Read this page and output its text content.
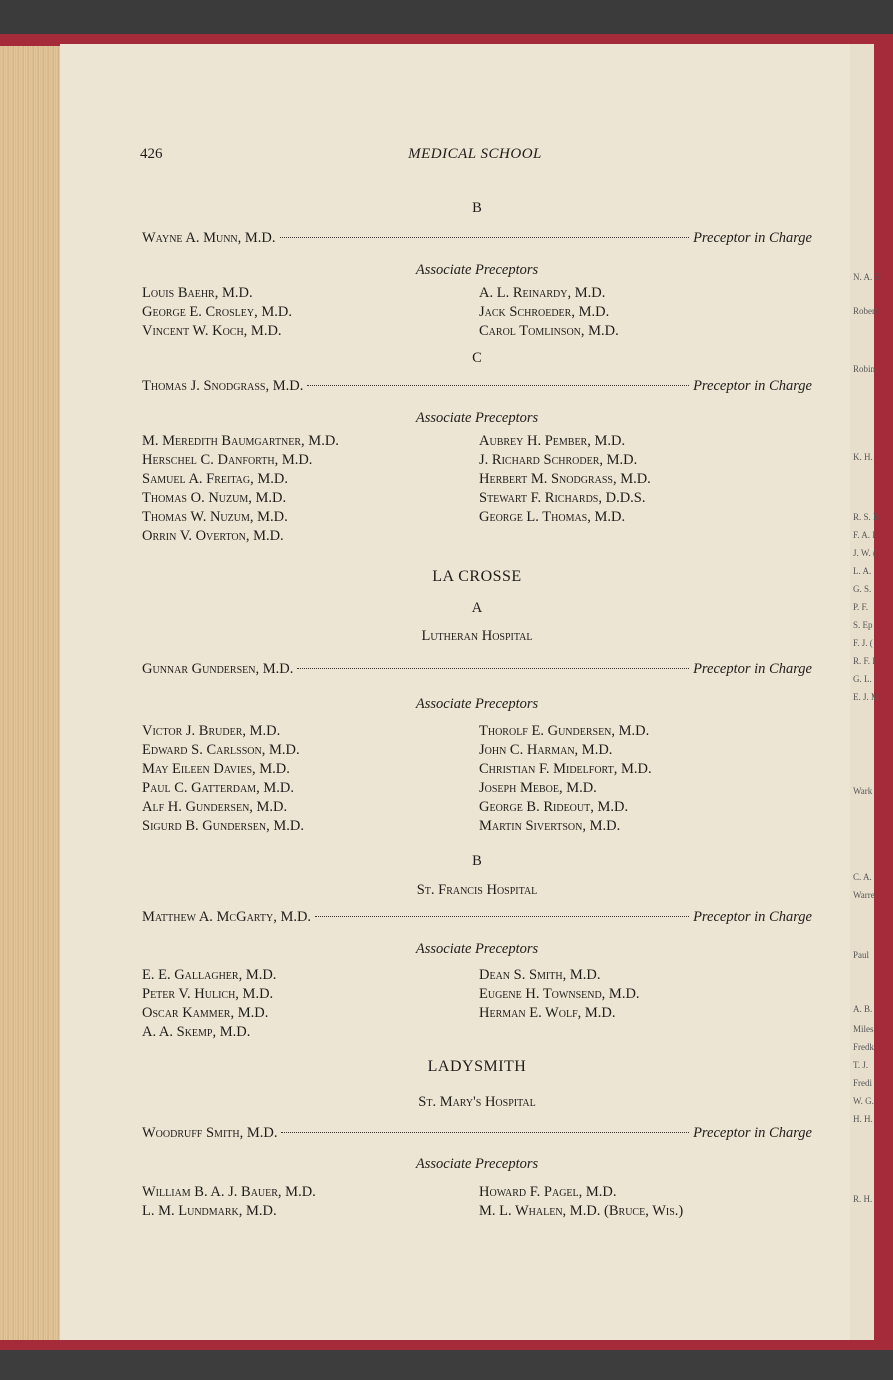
N. A. E
Robert
Robin
K. H.
R. S. B
F. A. I
J. W. (
L. A.
G. S.
P. F.
S. Ep
F. J. (
R. F. I
G. L. I
E. J. M
Wark
C. A.
Warre
Paul
A. B.
Miles
Fredk
T. J.
Fredi
W. G.
H. H.
R. H.
426	MEDICAL SCHOOL
B
Wayne A. Munn, M.D.	Preceptor in Charge
Associate Preceptors
Louis Baehr, M.D.
George E. Crosley, M.D.
Vincent W. Koch, M.D.
A. L. Reinardy, M.D.
Jack Schroeder, M.D.
Carol Tomlinson, M.D.
C
Thomas J. Snodgrass, M.D.	Preceptor in Charge
Associate Preceptors
M. Meredith Baumgartner, M.D.
Herschel C. Danforth, M.D.
Samuel A. Freitag, M.D.
Thomas O. Nuzum, M.D.
Thomas W. Nuzum, M.D.
Orrin V. Overton, M.D.
Aubrey H. Pember, M.D.
J. Richard Schroder, M.D.
Herbert M. Snodgrass, M.D.
Stewart F. Richards, D.D.S.
George L. Thomas, M.D.
LA CROSSE
A
Lutheran Hospital
Gunnar Gundersen, M.D.	Preceptor in Charge
Associate Preceptors
Victor J. Bruder, M.D.
Edward S. Carlsson, M.D.
May Eileen Davies, M.D.
Paul C. Gatterdam, M.D.
Alf H. Gundersen, M.D.
Sigurd B. Gundersen, M.D.
Thorolf E. Gundersen, M.D.
John C. Harman, M.D.
Christian F. Midelfort, M.D.
Joseph Meboe, M.D.
George B. Rideout, M.D.
Martin Sivertson, M.D.
B
St. Francis Hospital
Matthew A. McGarty, M.D.	Preceptor in Charge
Associate Preceptors
E. E. Gallagher, M.D.
Peter V. Hulich, M.D.
Oscar Kammer, M.D.
A. A. Skemp, M.D.
Dean S. Smith, M.D.
Eugene H. Townsend, M.D.
Herman E. Wolf, M.D.
LADYSMITH
St. Mary's Hospital
Woodruff Smith, M.D.	Preceptor in Charge
Associate Preceptors
William B. A. J. Bauer, M.D.
L. M. Lundmark, M.D.
Howard F. Pagel, M.D.
M. L. Whalen, M.D. (Bruce, Wis.)
